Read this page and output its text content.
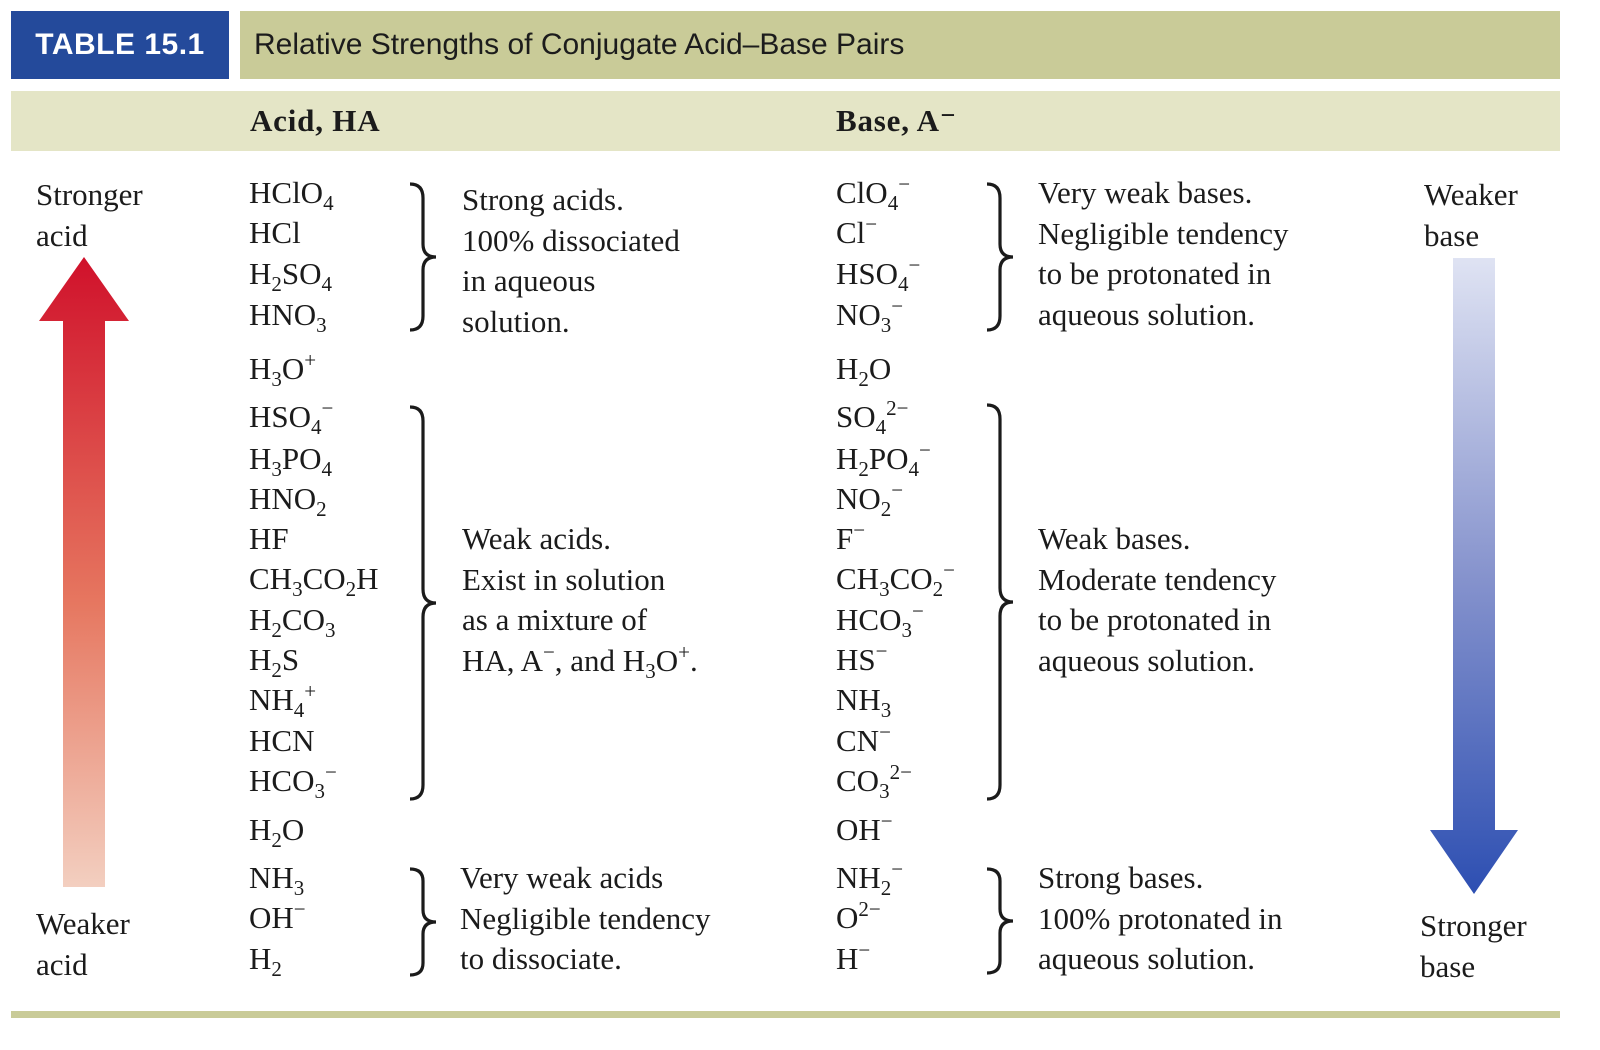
TABLE 15.1	Relative Strengths of Conjugate Acid–Base Pairs
Acid, HA	Base, A⁻
Stronger
acid
Weaker
acid
Weaker
base
Stronger
base
HClO$_4$
HCl
$H_2SO_4$
$HNO_3$
$H_3O^+$
$HSO_4^-$
$H_3PO_4$
$HNO_2$
HF
$CH_3CO_2H$
$H_2CO_3$
$H_2S$
$NH_4^+$
HCN
$HCO_3^-$
$H_2O$
$NH_3$
OH−
$H_2$
ClO$_4$−
Cl−
$HSO_4^-$
$NO_3^-$
$H_2O$
$SO_4^{2-}$
$H_2PO_4^-$
$NO_2^-$
F−
$CH_3CO_2^-$
$HCO_3^-$
HS−
$NH_3$
CN−
$CO_3^{2-}$
OH−
$NH_2^-$
$O^{2-}$
H−
Strong acids.
100% dissociated
in aqueous
solution.
Weak acids.
Exist in solution
as a mixture of
HA, A−, and $H_3O^+$.
Very weak acids
Negligible tendency
to dissociate.
Very weak bases.
Negligible tendency
to be protonated in
aqueous solution.
Weak bases.
Moderate tendency
to be protonated in
aqueous solution.
Strong bases.
100% protonated in
aqueous solution.
